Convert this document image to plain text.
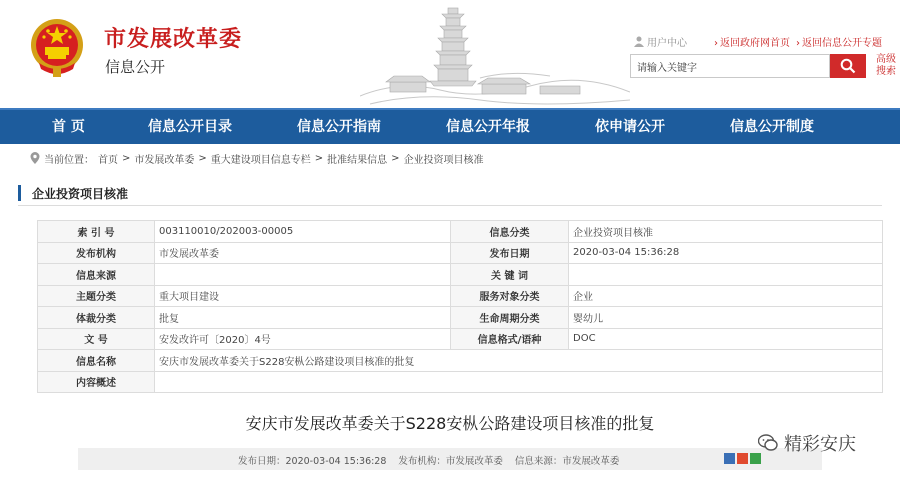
市发展改革委
信息公开
用户中心	› 返回政府网首页 › 返回信息公开专题
请输入关键字
高级搜索
首 页	信息公开目录	信息公开指南	信息公开年报	依申请公开	信息公开制度
当前位置： 首页 > 市发展改革委 > 重大建设项目信息专栏 > 批准结果信息 > 企业投资项目核准
企业投资项目核准
索 引 号	003110010/202003-00005	信息分类	企业投资项目核准
发布机构	市发展改革委	发布日期	2020-03-04 15:36:28
信息来源		关 键 词	
主题分类	重大项目建设	服务对象分类	企业
体裁分类	批复	生命周期分类	婴幼儿
文 号	安发改许可〔2020〕4号	信息格式/语种	DOC
信息名称	安庆市发展改革委关于S228安枞公路建设项目核准的批复		
内容概述			
安庆市发展改革委关于S228安枞公路建设项目核准的批复
发布日期：2020-03-04 15:36:28 发布机构：市发展改革委 信息来源：市发展改革委
精彩安庆
